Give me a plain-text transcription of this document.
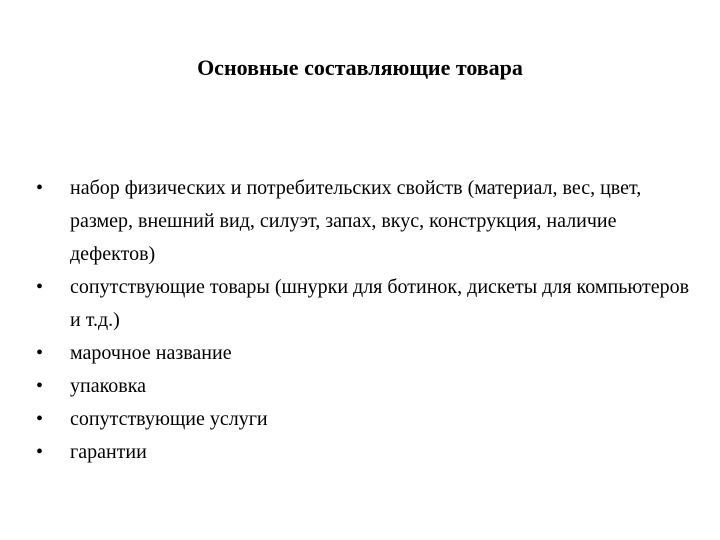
Основные составляющие товара
•	набор физических и потребительских свойств (материал, вес, цвет, размер, внешний вид, силуэт, запах, вкус, конструкция, наличие дефектов)
•	сопутствующие товары (шнурки для ботинок, дискеты для компьютеров и т.д.)
•	марочное название
•	упаковка
•	сопутствующие услуги
•	гарантии
